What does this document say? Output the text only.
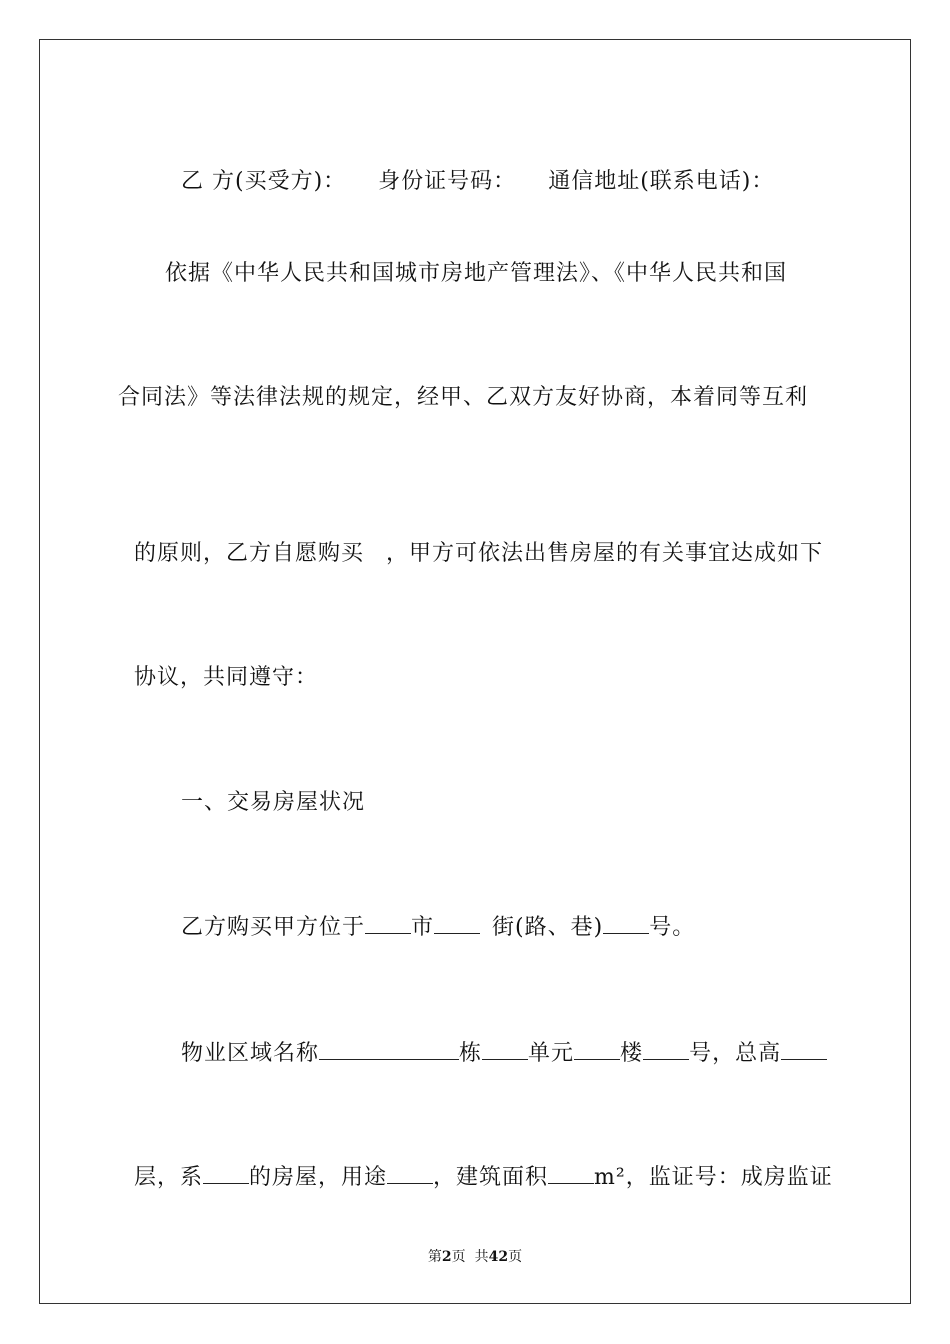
乙 方(买受方)： 身份证号码： 通信地址(联系电话)：

依据《中华人民共和国城市房地产管理法》、《中华人民共和国
合同法》等法律法规的规定，经甲、乙双方友好协商，本着同等互利

的原则，乙方自愿购买 ，甲方可依法出售房屋的有关事宜达成如下

协议，共同遵守：

一、交易房屋状况

乙方购买甲方位于 市	街(路、巷) 号。

物业区域名称	栋 单元 楼 号，总高

层，系 的房屋，用途 ，建筑面积 m²，监证号：成房监证

第2页  共42页
